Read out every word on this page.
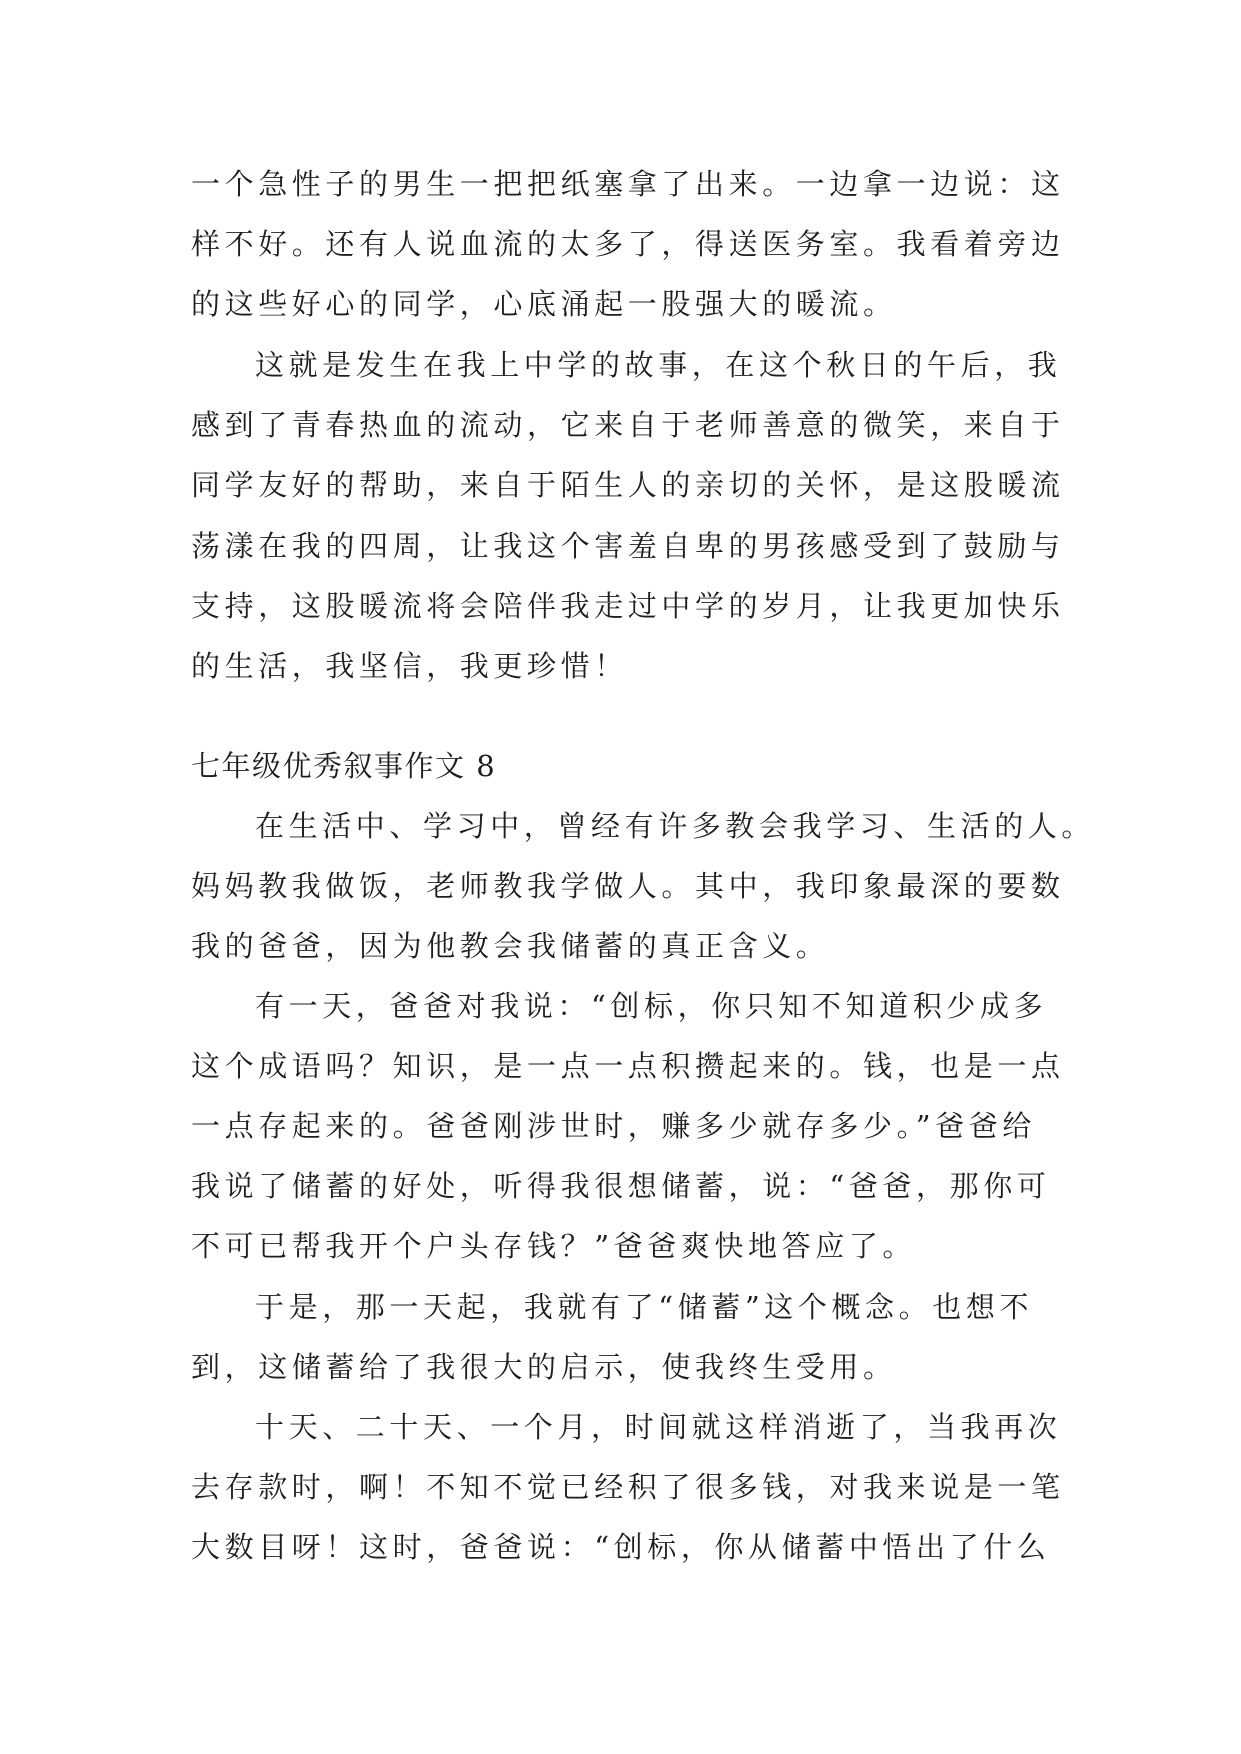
一个急性子的男生一把把纸塞拿了出来。一边拿一边说：这
样不好。还有人说血流的太多了，得送医务室。我看着旁边
的这些好心的同学，心底涌起一股强大的暖流。
这就是发生在我上中学的故事，在这个秋日的午后，我
感到了青春热血的流动，它来自于老师善意的微笑，来自于
同学友好的帮助，来自于陌生人的亲切的关怀，是这股暖流
荡漾在我的四周，让我这个害羞自卑的男孩感受到了鼓励与
支持，这股暖流将会陪伴我走过中学的岁月，让我更加快乐
的生活，我坚信，我更珍惜！
七年级优秀叙事作文 8
在生活中、学习中，曾经有许多教会我学习、生活的人。
妈妈教我做饭，老师教我学做人。其中，我印象最深的要数
我的爸爸，因为他教会我储蓄的真正含义。
有一天，爸爸对我说：“创标，你只知不知道积少成多
这个成语吗？知识，是一点一点积攒起来的。钱，也是一点
一点存起来的。爸爸刚涉世时，赚多少就存多少。”爸爸给
我说了储蓄的好处，听得我很想储蓄，说：“爸爸，那你可
不可已帮我开个户头存钱？”爸爸爽快地答应了。
于是，那一天起，我就有了“储蓄”这个概念。也想不
到，这储蓄给了我很大的启示，使我终生受用。
十天、二十天、一个月，时间就这样消逝了，当我再次
去存款时，啊！不知不觉已经积了很多钱，对我来说是一笔
大数目呀！这时，爸爸说：“创标，你从储蓄中悟出了什么
